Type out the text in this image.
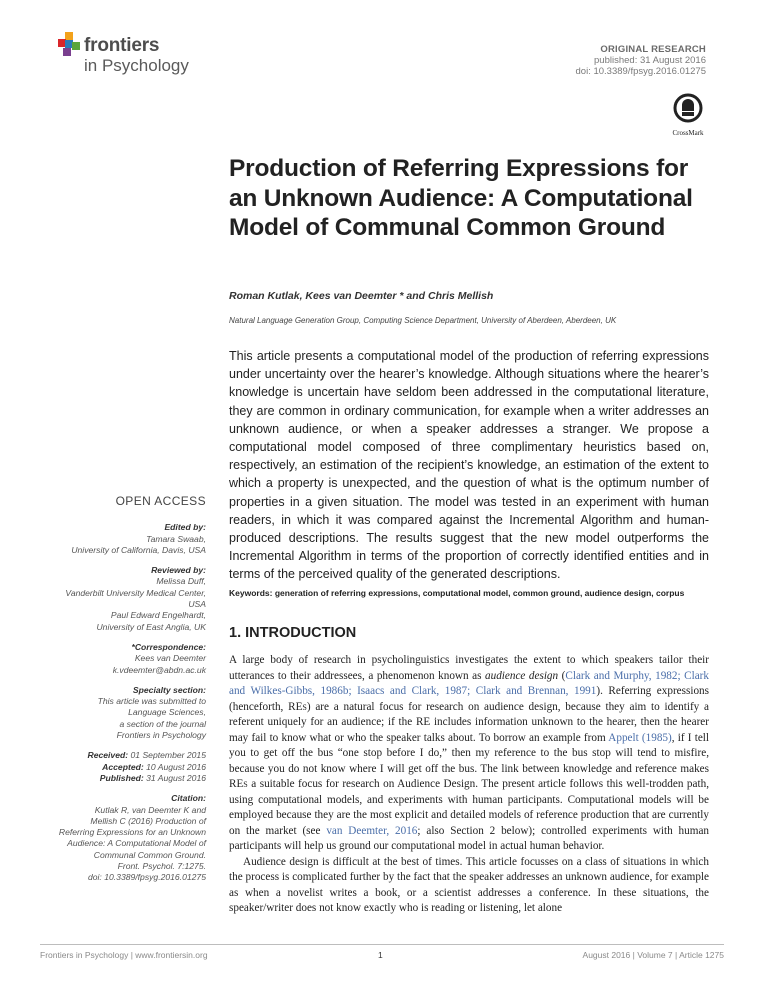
frontiers
in Psychology
ORIGINAL RESEARCH
published: 31 August 2016
doi: 10.3389/fpsyg.2016.01275
CrossMark
Production of Referring Expressions for an Unknown Audience: A Computational Model of Communal Common Ground
Roman Kutlak, Kees van Deemter * and Chris Mellish
Natural Language Generation Group, Computing Science Department, University of Aberdeen, Aberdeen, UK
This article presents a computational model of the production of referring expressions under uncertainty over the hearer’s knowledge. Although situations where the hearer’s knowledge is uncertain have seldom been addressed in the computational literature, they are common in ordinary communication, for example when a writer addresses an unknown audience, or when a speaker addresses a stranger. We propose a computational model composed of three complimentary heuristics based on, respectively, an estimation of the recipient’s knowledge, an estimation of the extent to which a property is unexpected, and the question of what is the optimum number of properties in a given situation. The model was tested in an experiment with human readers, in which it was compared against the Incremental Algorithm and human-produced descriptions. The results suggest that the new model outperforms the Incremental Algorithm in terms of the proportion of correctly identified entities and in terms of the perceived quality of the generated descriptions.
Keywords: generation of referring expressions, computational model, common ground, audience design, corpus
1. INTRODUCTION

A large body of research in psycholinguistics investigates the extent to which speakers tailor their utterances to their addressees, a phenomenon known as audience design (Clark and Murphy, 1982; Clark and Wilkes-Gibbs, 1986b; Isaacs and Clark, 1987; Clark and Brennan, 1991). Referring expressions (henceforth, REs) are a natural focus for research on audience design, because they aim to identify a referent uniquely for an audience; if the RE includes information unknown to the hearer, then the hearer may fail to know what or who the speaker talks about. To borrow an example from Appelt (1985), if I tell you to get off the bus “one stop before I do,” then my reference to the bus stop will tend to misfire, because you do not know where I will get off the bus. The link between knowledge and reference makes REs a suitable focus for research on Audience Design. The present article follows this well-trodden path, using computational models, and experiments with human participants. Computational models will be employed because they are the most explicit and detailed models of reference production that are currently on the market (see van Deemter, 2016; also Section 2 below); controlled experiments with human participants will help us ground our computational model in actual human behavior.

Audience design is difficult at the best of times. This article focusses on a class of situations in which the process is complicated further by the fact that the speaker addresses an unknown audience, for example as when a novelist writes a book, or a scientist addresses a conference. In these situations, the speaker/writer does not know exactly who is reading or listening, let alone

OPEN ACCESS
Edited by:
Tamara Swaab,
University of California, Davis, USA
Reviewed by:
Melissa Duff,
Vanderbilt University Medical Center,
USA
Paul Edward Engelhardt,
University of East Anglia, UK
*Correspondence:
Kees van Deemter
k.vdeemter@abdn.ac.uk
Specialty section:
This article was submitted to
Language Sciences,
a section of the journal
Frontiers in Psychology
Received: 01 September 2015
Accepted: 10 August 2016
Published: 31 August 2016
Citation:
Kutlak R, van Deemter K and
Mellish C (2016) Production of
Referring Expressions for an Unknown
Audience: A Computational Model of
Communal Common Ground.
Front. Psychol. 7:1275.
doi: 10.3389/fpsyg.2016.01275
Frontiers in Psychology | www.frontiersin.org	1	August 2016 | Volume 7 | Article 1275
